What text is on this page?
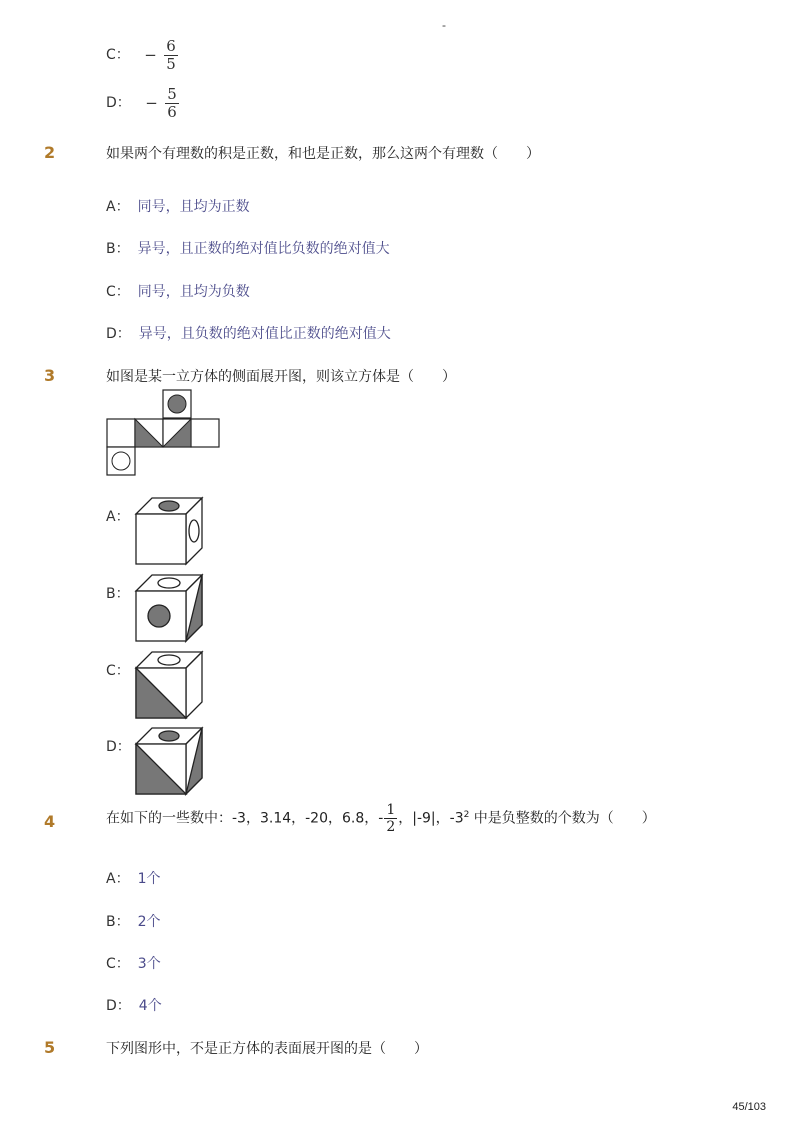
-
C： − $\frac{6}{5}$
D： − $\frac{5}{6}$
2	如果两个有理数的积是正数，和也是正数，那么这两个有理数（　　）
A： 同号，且均为正数
B： 异号，且正数的绝对值比负数的绝对值大
C： 同号，且均为负数
D： 异号，且负数的绝对值比正数的绝对值大
3	如图是某一立方体的侧面展开图，则该立方体是（　　）
A：
B：
C：
D：
4	在如下的一些数中：-3，3.14，-20，6.8，- $\frac{1}{2}$，|-9|，$-3^2$ 中是负整数的个数为（　　）
A： 1个
B： 2个
C： 3个
D： 4个
5	下列图形中，不是正方体的表面展开图的是（　　）
45/103
